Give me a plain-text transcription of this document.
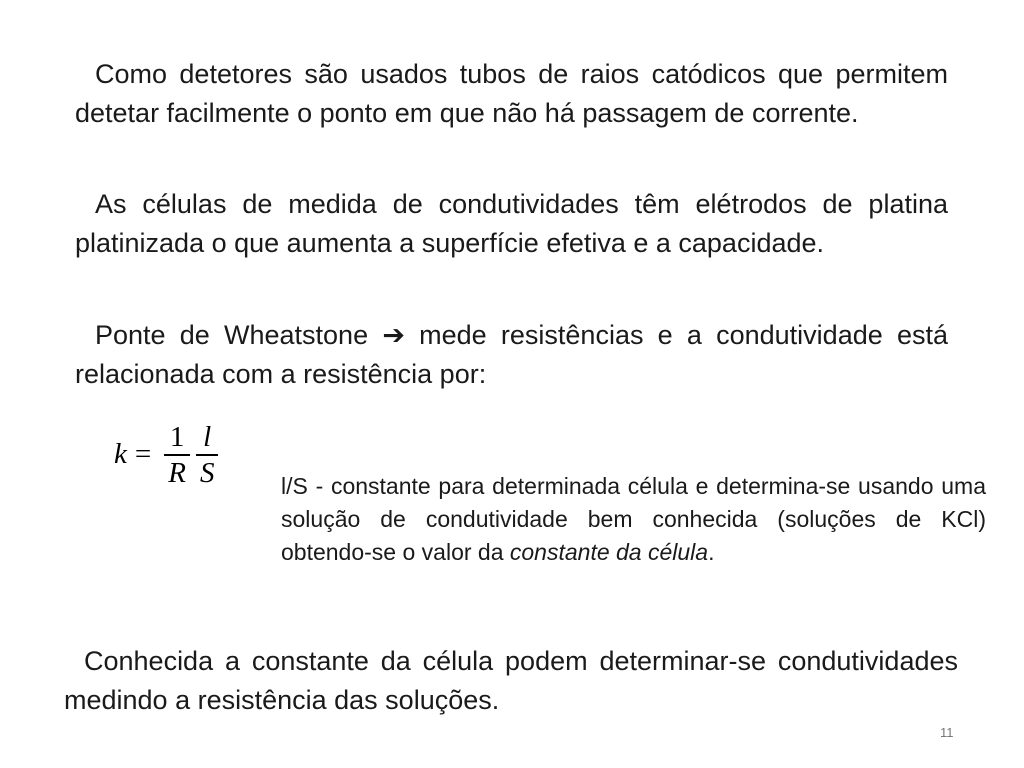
Como detetores são usados tubos de raios catódicos que permitem detetar facilmente o ponto em que não há passagem de corrente.

As células de medida de condutividades têm elétrodos de platina platinizada o que aumenta a superfície efetiva e a capacidade.

Ponte de Wheatstone ➔ mede resistências e a condutividade está relacionada com a resistência por:

$k = \frac{1}{R} \frac{l}{S}$	l/S - constante para determinada célula e determina-se usando uma solução de condutividade bem conhecida (soluções de KCl) obtendo-se o valor da constante da célula.

Conhecida a constante da célula podem determinar-se condutividades medindo a resistência das soluções.

11
